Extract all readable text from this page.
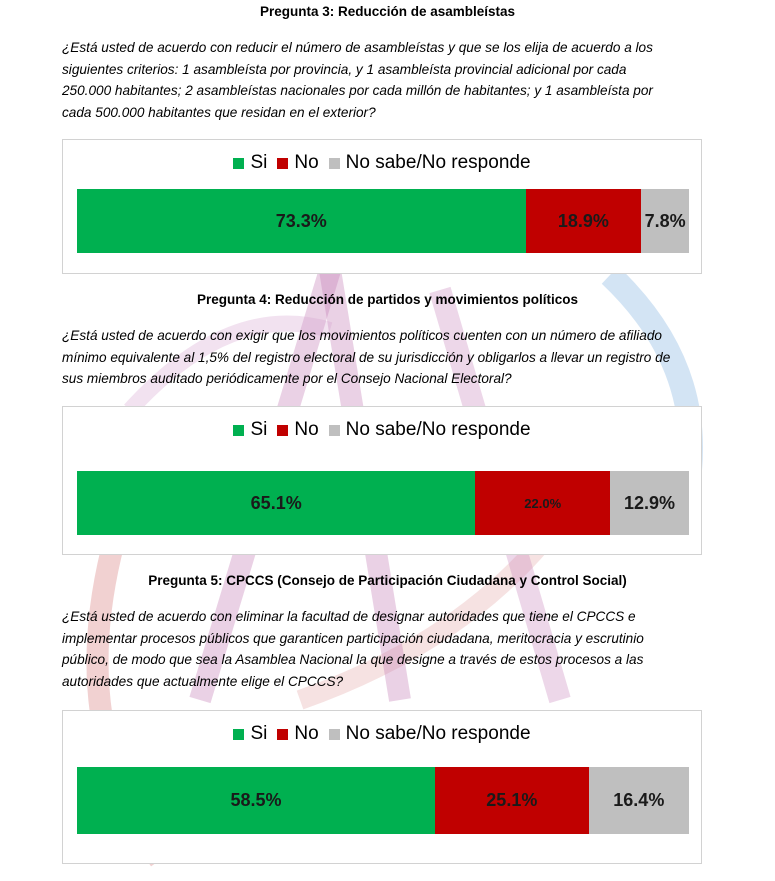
Pregunta 3: Reducción de asambleístas
¿Está usted de acuerdo con reducir el número de asambleístas y que se los elija de acuerdo a los
siguientes criterios: 1 asambleísta por provincia, y 1 asambleísta provincial adicional por cada
250.000 habitantes; 2 asambleístas nacionales por cada millón de habitantes; y 1 asambleísta por
cada 500.000 habitantes que residan en el exterior?
Si No No sabe/No responde
73.3%	18.9% 7.8%
Pregunta 4: Reducción de partidos y movimientos políticos
¿Está usted de acuerdo con exigir que los movimientos políticos cuenten con un número de afiliado
mínimo equivalente al 1,5% del registro electoral de su jurisdicción y obligarlos a llevar un registro de
sus miembros auditado periódicamente por el Consejo Nacional Electoral?
Si No No sabe/No responde
65.1%	22.0%	12.9%
Pregunta 5: CPCCS (Consejo de Participación Ciudadana y Control Social)
¿Está usted de acuerdo con eliminar la facultad de designar autoridades que tiene el CPCCS e
implementar procesos públicos que garanticen participación ciudadana, meritocracia y escrutinio
público, de modo que sea la Asamblea Nacional la que designe a través de estos procesos a las
autoridades que actualmente elige el CPCCS?
Si No No sabe/No responde
58.5%	25.1%	16.4%
